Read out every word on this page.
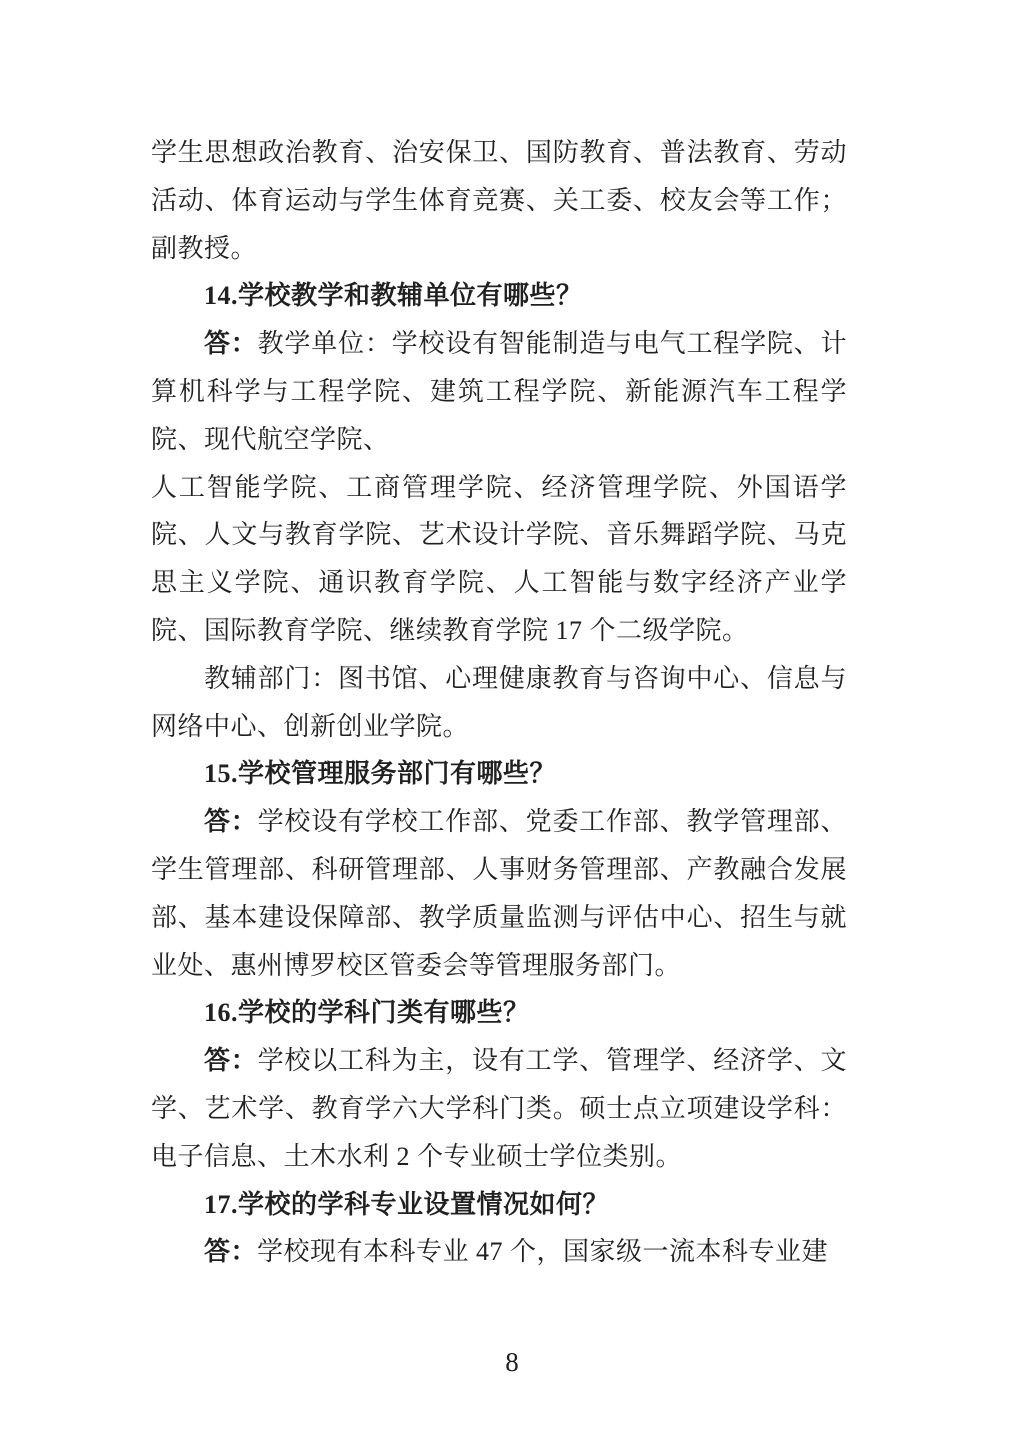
学生思想政治教育、治安保卫、国防教育、普法教育、劳动活动、体育运动与学生体育竞赛、关工委、校友会等工作；副教授。

14.学校教学和教辅单位有哪些？

答：教学单位：学校设有智能制造与电气工程学院、计算机科学与工程学院、建筑工程学院、新能源汽车工程学院、现代航空学院、

人工智能学院、工商管理学院、经济管理学院、外国语学院、人文与教育学院、艺术设计学院、音乐舞蹈学院、马克思主义学院、通识教育学院、人工智能与数字经济产业学院、国际教育学院、继续教育学院 17 个二级学院。

教辅部门：图书馆、心理健康教育与咨询中心、信息与网络中心、创新创业学院。

15.学校管理服务部门有哪些？

答：学校设有学校工作部、党委工作部、教学管理部、学生管理部、科研管理部、人事财务管理部、产教融合发展部、基本建设保障部、教学质量监测与评估中心、招生与就业处、惠州博罗校区管委会等管理服务部门。

16.学校的学科门类有哪些？

答：学校以工科为主，设有工学、管理学、经济学、文学、艺术学、教育学六大学科门类。硕士点立项建设学科：电子信息、土木水利 2 个专业硕士学位类别。

17.学校的学科专业设置情况如何？

答：学校现有本科专业 47 个，国家级一流本科专业建

8
